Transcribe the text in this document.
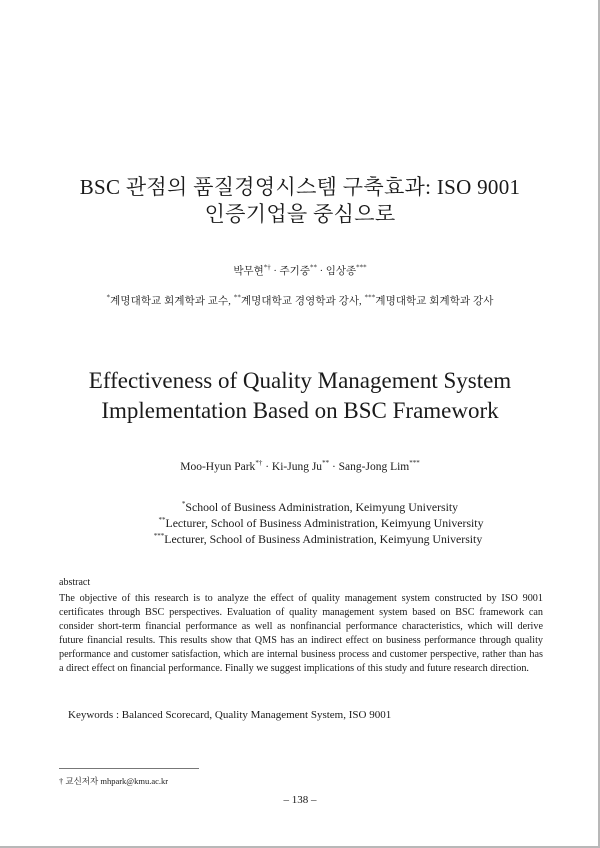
BSC 관점의 품질경영시스템 구축효과: ISO 9001
인증기업을 중심으로
박무현*† · 주기중** · 임상종***
*계명대학교 회계학과 교수, **계명대학교 경영학과 강사, ***계명대학교 회계학과 강사
Effectiveness of Quality Management System
Implementation Based on BSC Framework
Moo-Hyun Park*† · Ki-Jung Ju** · Sang-Jong Lim***
*School of Business Administration, Keimyung University
**Lecturer, School of Business Administration, Keimyung University
***Lecturer, School of Business Administration, Keimyung University
abstract
The objective of this research is to analyze the effect of quality management system constructed by ISO 9001 certificates through BSC perspectives. Evaluation of quality management system based on BSC framework can consider short-term financial performance as well as nonfinancial performance characteristics, which will derive future financial results. This results show that QMS has an indirect effect on business performance through quality performance and customer satisfaction, which are internal business process and customer perspective, rather than has a direct effect on financial performance. Finally we suggest implications of this study and future research direction.
Keywords : Balanced Scorecard, Quality Management System, ISO 9001
† 교신저자 mhpark@kmu.ac.kr
– 138 –
